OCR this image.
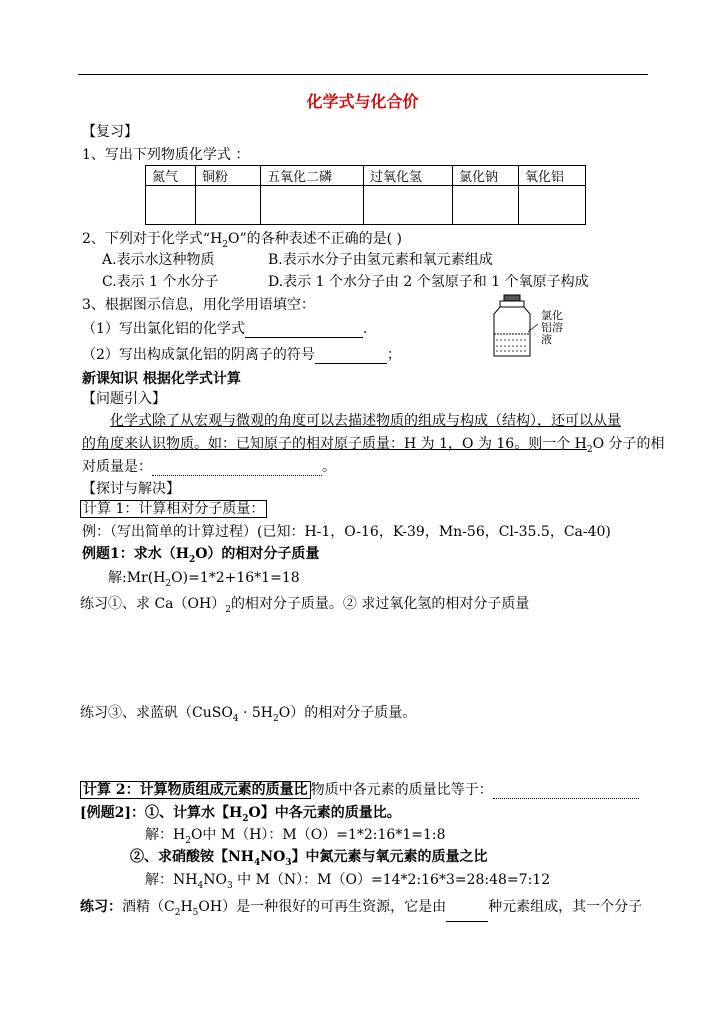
化学式与化合价
【复习】
1、写出下列物质化学式 ：
氮气	铜粉	五氧化二磷	过氧化氢	氯化钠	氧化铝

2、下列对于化学式“$H_2O$”的各种表述不正确的是( )
A.表示水这种物质	B.表示水分子由氢元素和氧元素组成
C.表示 1 个水分子	D.表示 1 个水分子由 2 个氢原子和 1 个氧原子构成
3、根据图示信息，用化学用语填空：
（1）写出氯化铝的化学式	.
（2）写出构成氯化铝的阴离子的符号	；
氯化
铝溶
液
新课知识 根据化学式计算
【问题引入】
化学式除了从宏观与微观的角度可以去描述物质的组成与构成（结构），还可以从量
的角度来认识物质。如：已知原子的相对原子质量：H 为 1，O 为 16。则一个 $H_2O$ 分子的相
对质量是：	。
【探讨与解决】
计算 1：计算相对分子质量：
例：（写出简单的计算过程）(已知：H-1，O-16，K-39，Mn-56，Cl-35.5，Ca-40)
例题1：求水$(H_2O)$的相对分子质量
解$:Mr(H_2O)=1*2+16*1=18$
练习①、求 $Ca(OH)_2$的相对分子质量。② 求过氧化氢的相对分子质量
练习③、求蓝矾（CuSO$_4$ · $5H_2O$）的相对分子质量。
计算 2：计算物质组成元素的质量比 物质中各元素的质量比等于：
[例题2]：①、计算水【$H_2O$】中各元素的质量比。
解：$H_2O$中 M（H）：M（O）=1*2:16*1=1:8
②、求硝酸铵【$NH_4NO_3$】中氮元素与氧元素的质量之比
解：$NH_4NO_3$ 中 M（N）：M（O）=14*2:16*3=28:48=7:12
练习：酒精$(C_2H_5OH)$是一种很好的可再生资源，它是由	种元素组成，其一个分子
